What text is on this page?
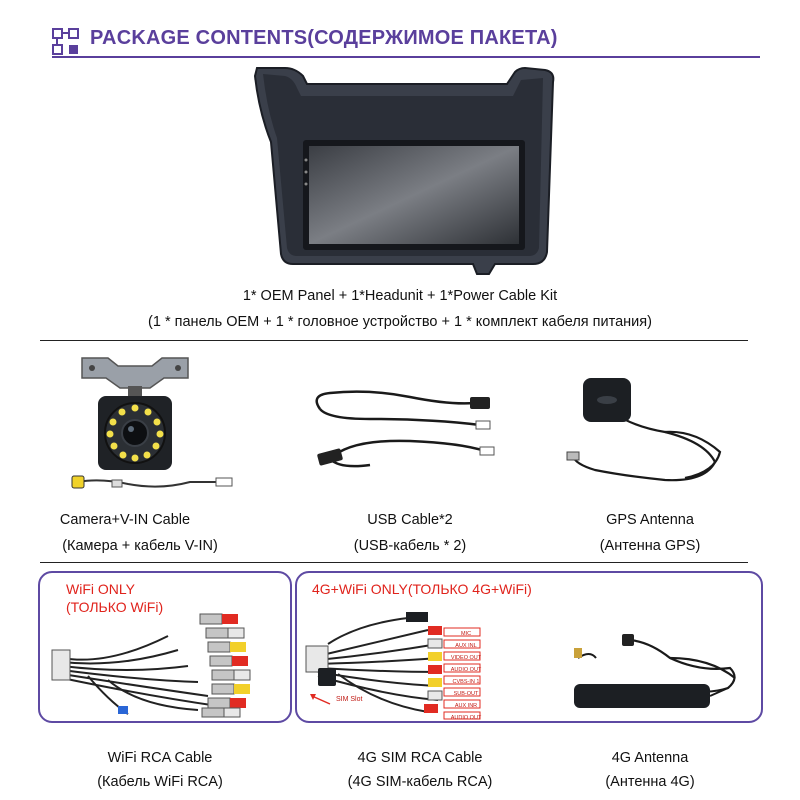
PACKAGE CONTENTS(СОДЕРЖИМОЕ ПАКЕТА)
1* OEM Panel + 1*Headunit + 1*Power Cable Kit
(1 * панель OEM + 1 * головное устройство + 1 * комплект кабеля питания)
Camera+V-IN Cable
(Камера + кабель V-IN)
USB Cable*2
(USB-кабель * 2)
GPS Antenna
(Антенна GPS)
WiFi ONLY
(ТОЛЬКО WiFi)
WiFi RCA Cable
(Кабель WiFi RCA)
4G+WiFi ONLY(ТОЛЬКО 4G+WiFi)
MIC
AUX INL
VIDEO OUT
AUDIO OUT
CVBS-IN 1
SUB-OUT
AUX INR
AUDIO OUT
SIM Slot
4G SIM RCA Cable
(4G SIM-кабель RCA)
4G Antenna
(Антенна 4G)
